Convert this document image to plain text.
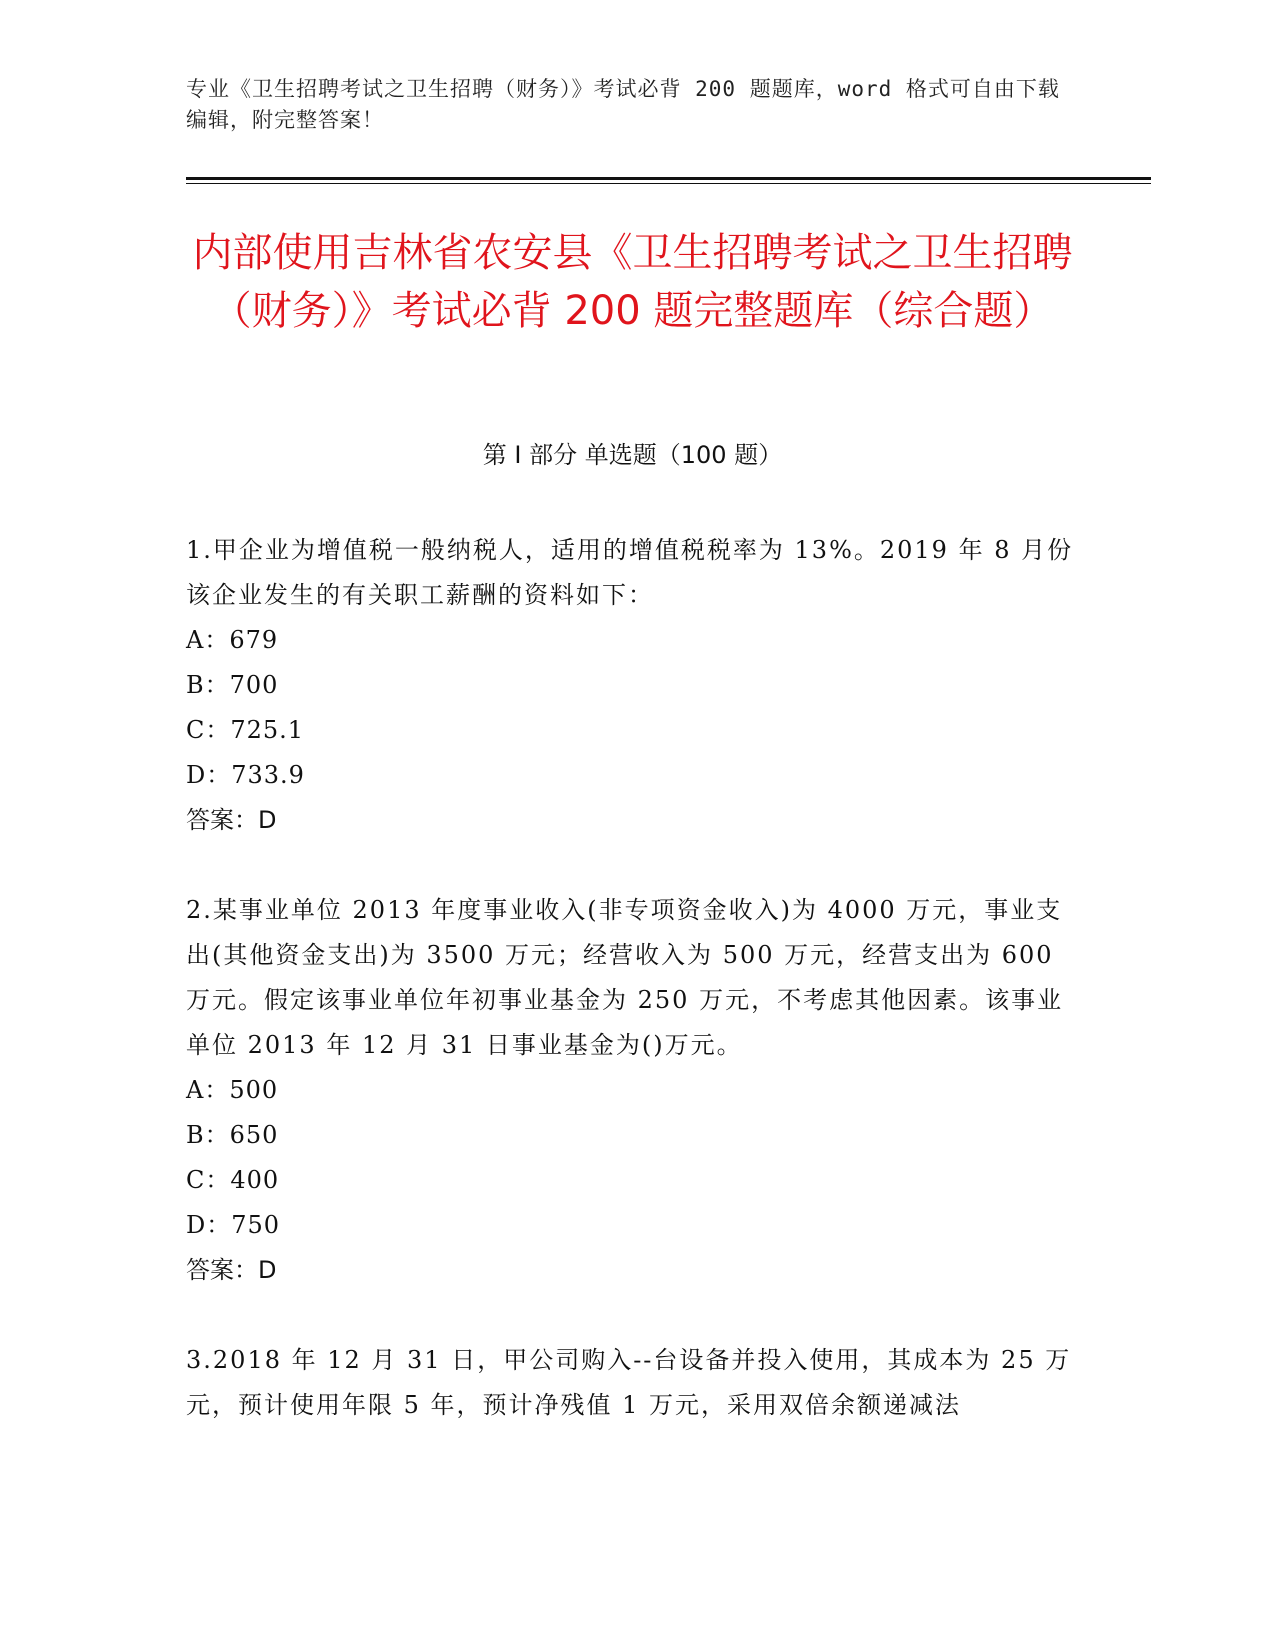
专业《卫生招聘考试之卫生招聘（财务）》考试必背 200 题题库，word 格式可自由下载编辑，附完整答案！
内部使用吉林省农安县《卫生招聘考试之卫生招聘（财务）》考试必背 200 题完整题库（综合题）
第 I 部分 单选题（100 题）

1.甲企业为增值税一般纳税人，适用的增值税税率为 13%。2019 年 8 月份该企业发生的有关职工薪酬的资料如下：

A：679

B：700

C：725.1

D：733.9

答案：D

2.某事业单位 2013 年度事业收入(非专项资金收入)为 4000 万元，事业支出(其他资金支出)为 3500 万元；经营收入为 500 万元，经营支出为 600 万元。假定该事业单位年初事业基金为 250 万元，不考虑其他因素。该事业单位 2013 年 12 月 31 日事业基金为()万元。

A：500

B：650

C：400

D：750

答案：D

3.2018 年 12 月 31 日，甲公司购入--台设备并投入使用，其成本为 25 万元，预计使用年限 5 年，预计净残值 1 万元，采用双倍余额递减法
